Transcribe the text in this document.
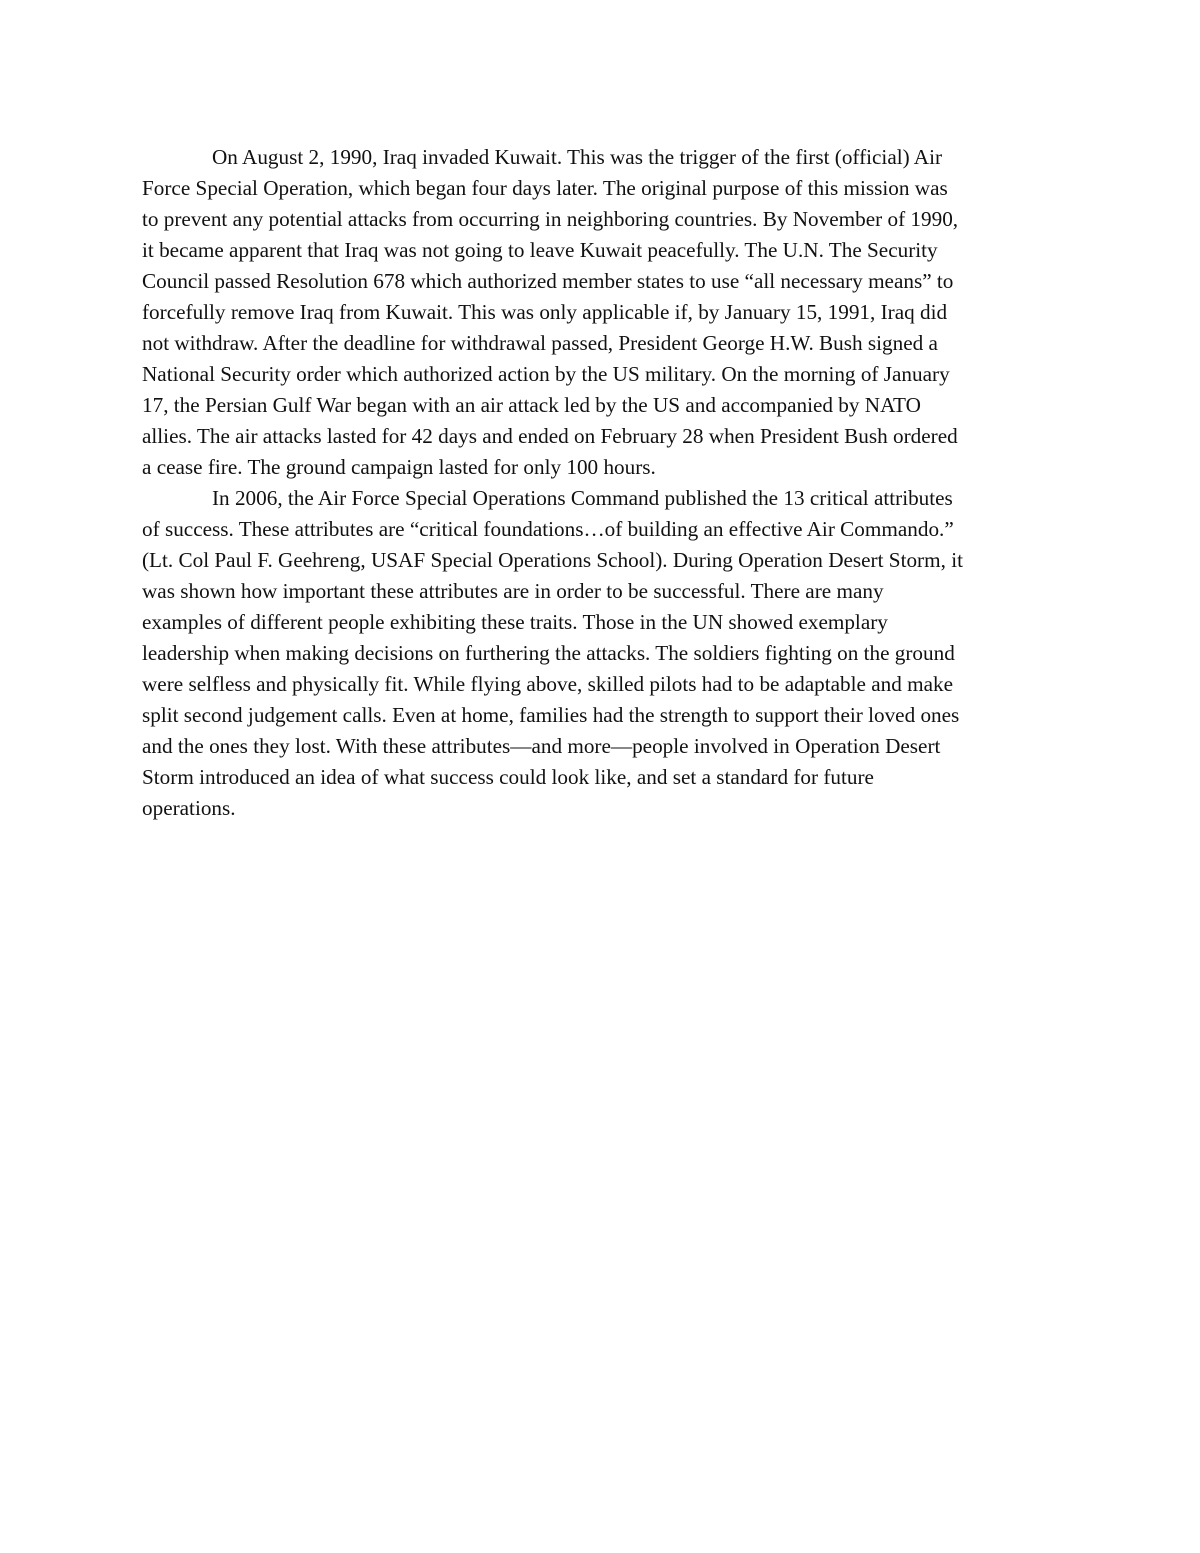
On August 2, 1990, Iraq invaded Kuwait. This was the trigger of the first (official) Air
Force Special Operation, which began four days later. The original purpose of this mission was
to prevent any potential attacks from occurring in neighboring countries. By November of 1990,
it became apparent that Iraq was not going to leave Kuwait peacefully. The U.N. The Security
Council passed Resolution 678 which authorized member states to use “all necessary means” to
forcefully remove Iraq from Kuwait. This was only applicable if, by January 15, 1991, Iraq did
not withdraw. After the deadline for withdrawal passed, President George H.W. Bush signed a
National Security order which authorized action by the US military. On the morning of January
17, the Persian Gulf War began with an air attack led by the US and accompanied by NATO
allies. The air attacks lasted for 42 days and ended on February 28 when President Bush ordered
a cease fire. The ground campaign lasted for only 100 hours.
In 2006, the Air Force Special Operations Command published the 13 critical attributes
of success. These attributes are “critical foundations…of building an effective Air Commando.”
(Lt. Col Paul F. Geehreng, USAF Special Operations School). During Operation Desert Storm, it
was shown how important these attributes are in order to be successful. There are many
examples of different people exhibiting these traits. Those in the UN showed exemplary
leadership when making decisions on furthering the attacks. The soldiers fighting on the ground
were selfless and physically fit. While flying above, skilled pilots had to be adaptable and make
split second judgement calls. Even at home, families had the strength to support their loved ones
and the ones they lost. With these attributes—and more—people involved in Operation Desert
Storm introduced an idea of what success could look like, and set a standard for future
operations.
